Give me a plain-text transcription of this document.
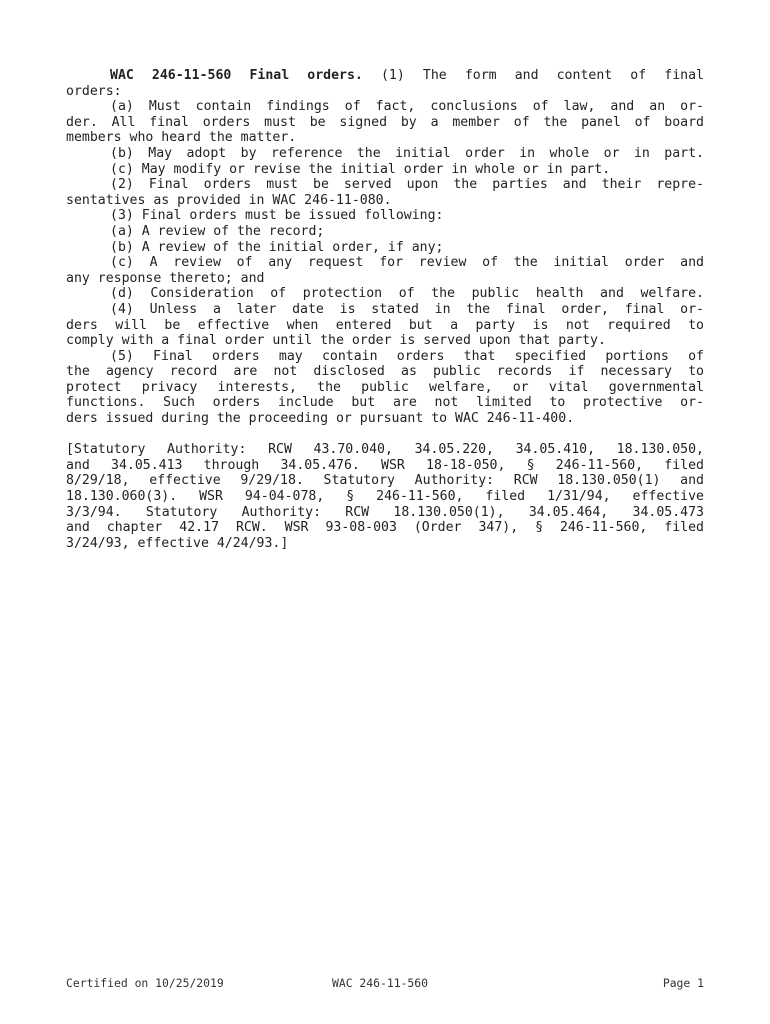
WAC 246-11-560 Final orders. (1) The form and content of final
orders:
(a) Must contain findings of fact, conclusions of law, and an or-
der. All final orders must be signed by a member of the panel of board
members who heard the matter.
(b) May adopt by reference the initial order in whole or in part.
(c) May modify or revise the initial order in whole or in part.
(2) Final orders must be served upon the parties and their repre-
sentatives as provided in WAC 246-11-080.
(3) Final orders must be issued following:
(a) A review of the record;
(b) A review of the initial order, if any;
(c) A review of any request for review of the initial order and
any response thereto; and
(d) Consideration of protection of the public health and welfare.
(4) Unless a later date is stated in the final order, final or-
ders will be effective when entered but a party is not required to
comply with a final order until the order is served upon that party.
(5) Final orders may contain orders that specified portions of
the agency record are not disclosed as public records if necessary to
protect privacy interests, the public welfare, or vital governmental
functions. Such orders include but are not limited to protective or-
ders issued during the proceeding or pursuant to WAC 246-11-400.
[Statutory Authority: RCW 43.70.040, 34.05.220, 34.05.410, 18.130.050,
and 34.05.413 through 34.05.476. WSR 18-18-050, § 246-11-560, filed
8/29/18, effective 9/29/18. Statutory Authority: RCW 18.130.050(1) and
18.130.060(3). WSR 94-04-078, § 246-11-560, filed 1/31/94, effective
3/3/94. Statutory Authority: RCW 18.130.050(1), 34.05.464, 34.05.473
and chapter 42.17 RCW. WSR 93-08-003 (Order 347), § 246-11-560, filed
3/24/93, effective 4/24/93.]
Certified on 10/25/2019	WAC 246-11-560	Page 1
